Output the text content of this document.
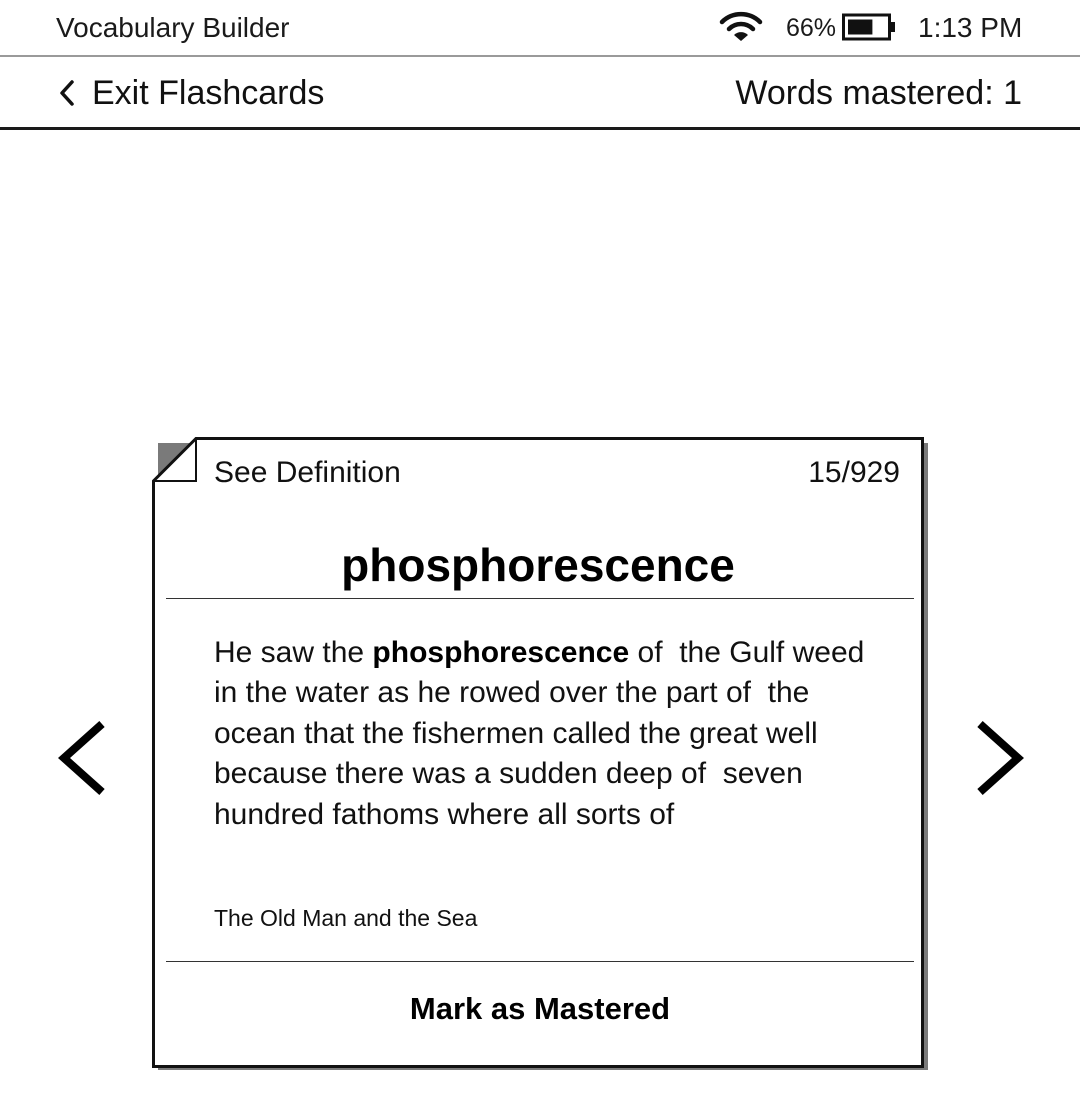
Vocabulary Builder	66%	1:13 PM
Exit Flashcards	Words mastered: 1
See Definition	15/929
phosphorescence
He saw the phosphorescence of  the Gulf weed in the water as he rowed over the part of  the ocean that the fishermen called the great well because there was a sudden deep of  seven hundred fathoms where all sorts of
The Old Man and the Sea
Mark as Mastered
